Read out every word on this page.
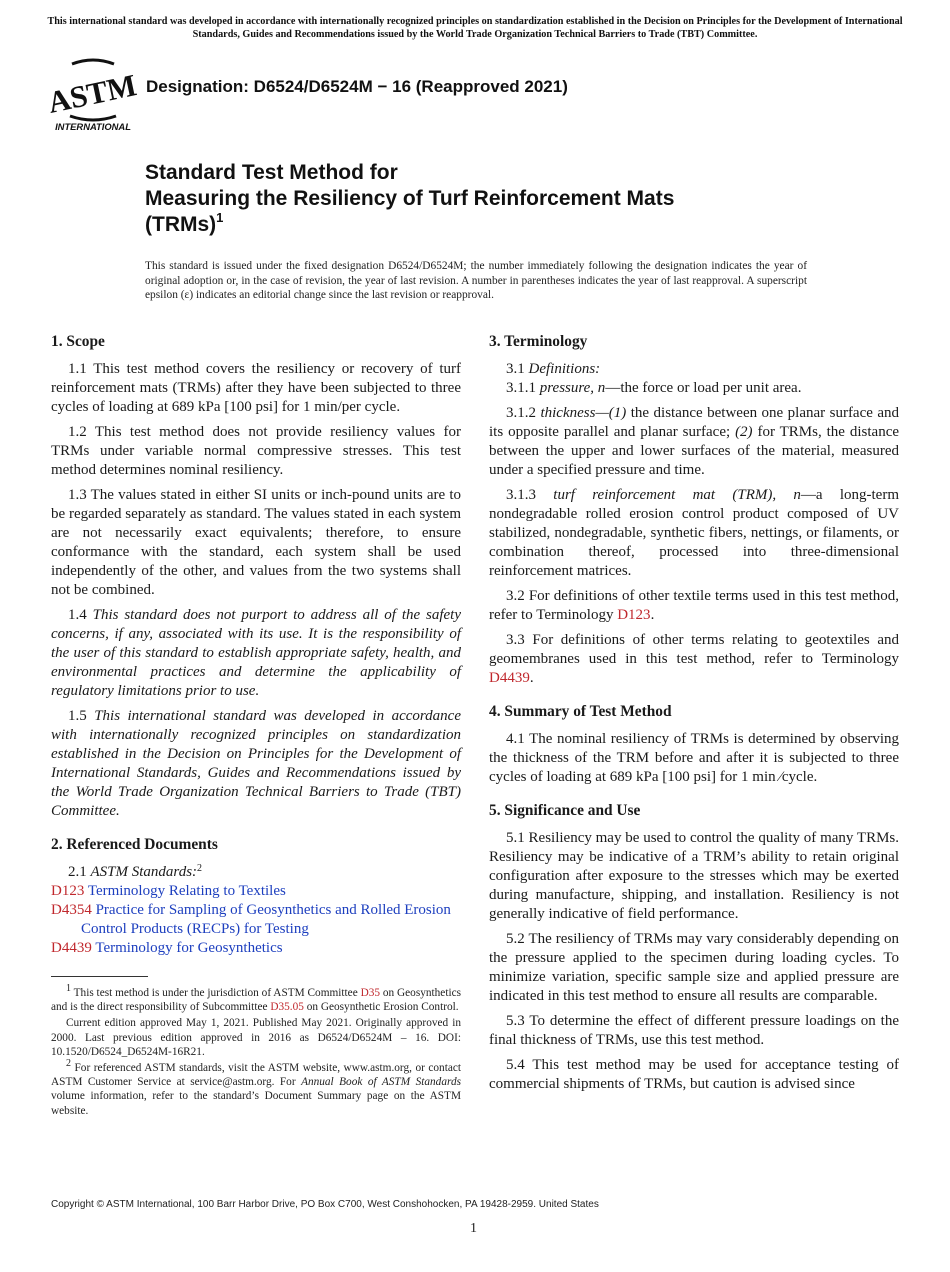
This international standard was developed in accordance with internationally recognized principles on standardization established in the Decision on Principles for the Development of International Standards, Guides and Recommendations issued by the World Trade Organization Technical Barriers to Trade (TBT) Committee.
ASTM
INTERNATIONAL
Designation: D6524/D6524M − 16 (Reapproved 2021)
Standard Test Method for
Measuring the Resiliency of Turf Reinforcement Mats
(TRMs)$^1$
This standard is issued under the fixed designation D6524/D6524M; the number immediately following the designation indicates the year of original adoption or, in the case of revision, the year of last revision. A number in parentheses indicates the year of last reapproval. A superscript epsilon (ε) indicates an editorial change since the last revision or reapproval.
1. Scope

1.1 This test method covers the resiliency or recovery of turf reinforcement mats (TRMs) after they have been subjected to three cycles of loading at 689 kPa [100 psi] for 1 min/per cycle.

1.2 This test method does not provide resiliency values for TRMs under variable normal compressive stresses. This test method determines nominal resiliency.

1.3 The values stated in either SI units or inch-pound units are to be regarded separately as standard. The values stated in each system are not necessarily exact equivalents; therefore, to ensure conformance with the standard, each system shall be used independently of the other, and values from the two systems shall not be combined.

1.4 This standard does not purport to address all of the safety concerns, if any, associated with its use. It is the responsibility of the user of this standard to establish appropriate safety, health, and environmental practices and determine the applicability of regulatory limitations prior to use.

1.5 This international standard was developed in accordance with internationally recognized principles on standardization established in the Decision on Principles for the Development of International Standards, Guides and Recommendations issued by the World Trade Organization Technical Barriers to Trade (TBT) Committee.

2. Referenced Documents

2.1 ASTM Standards:$^2$

D123 Terminology Relating to Textiles

D4354 Practice for Sampling of Geosynthetics and Rolled Erosion Control Products (RECPs) for Testing

D4439 Terminology for Geosynthetics

$^1$ This test method is under the jurisdiction of ASTM Committee D35 on Geosynthetics and is the direct responsibility of Subcommittee D35.05 on Geosynthetic Erosion Control.

Current edition approved May 1, 2021. Published May 2021. Originally approved in 2000. Last previous edition approved in 2016 as D6524/D6524M – 16. DOI: 10.1520/D6524_D6524M-16R21.

$^2$ For referenced ASTM standards, visit the ASTM website, www.astm.org, or contact ASTM Customer Service at service@astm.org. For Annual Book of ASTM Standards volume information, refer to the standard’s Document Summary page on the ASTM website.

3. Terminology

3.1 Definitions:

3.1.1 pressure, n—the force or load per unit area.

3.1.2 thickness—(1) the distance between one planar surface and its opposite parallel and planar surface; (2) for TRMs, the distance between the upper and lower surfaces of the material, measured under a specified pressure and time.

3.1.3 turf reinforcement mat (TRM), n—a long-term nondegradable rolled erosion control product composed of UV stabilized, nondegradable, synthetic fibers, nettings, or filaments, or combination thereof, processed into three-dimensional reinforcement matrices.

3.2 For definitions of other textile terms used in this test method, refer to Terminology D123.

3.3 For definitions of other terms relating to geotextiles and geomembranes used in this test method, refer to Terminology D4439.

4. Summary of Test Method

4.1 The nominal resiliency of TRMs is determined by observing the thickness of the TRM before and after it is subjected to three cycles of loading at 689 kPa [100 psi] for 1 min ⁄cycle.

5. Significance and Use

5.1 Resiliency may be used to control the quality of many TRMs. Resiliency may be indicative of a TRM’s ability to retain original configuration after exposure to the stresses which may be exerted during manufacture, shipping, and installation. Resiliency is not generally indicative of field performance.

5.2 The resiliency of TRMs may vary considerably depending on the pressure applied to the specimen during loading cycles. To minimize variation, specific sample size and applied pressure are indicated in this test method to ensure all results are comparable.

5.3 To determine the effect of different pressure loadings on the final thickness of TRMs, use this test method.

5.4 This test method may be used for acceptance testing of commercial shipments of TRMs, but caution is advised since

Copyright © ASTM International, 100 Barr Harbor Drive, PO Box C700, West Conshohocken, PA 19428-2959. United States
1
